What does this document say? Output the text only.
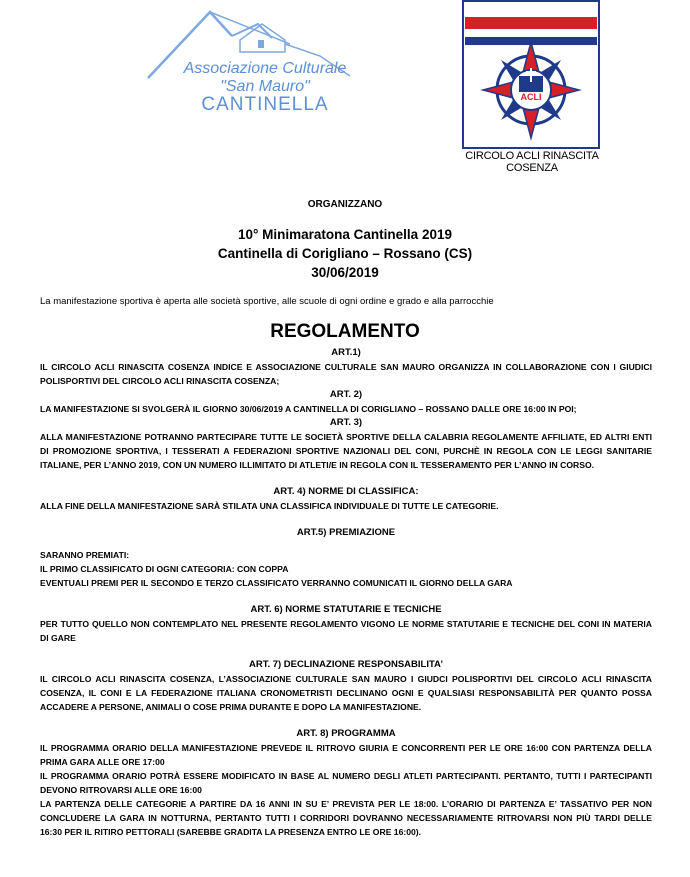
Associazione Culturale
"San Mauro"
CANTINELLA	ACLI
CIRCOLO ACLI RINASCITA COSENZA
ORGANIZZANO
10° Minimaratona Cantinella 2019
Cantinella di Corigliano – Rossano (CS)
30/06/2019
La manifestazione sportiva è aperta alle società sportive, alle scuole di ogni ordine e grado e alla parrocchie
REGOLAMENTO

ART.1)

IL CIRCOLO ACLI RINASCITA COSENZA INDICE E ASSOCIAZIONE CULTURALE SAN MAURO ORGANIZZA IN COLLABORAZIONE CON I GIUDICI POLISPORTIVI DEL CIRCOLO ACLI RINASCITA COSENZA;

ART. 2)

LA MANIFESTAZIONE SI SVOLGERÀ IL GIORNO 30/06/2019 A CANTINELLA DI CORIGLIANO – ROSSANO DALLE ORE 16:00 IN POI;

ART. 3)

ALLA MANIFESTAZIONE POTRANNO PARTECIPARE TUTTE LE SOCIETÀ SPORTIVE DELLA CALABRIA REGOLAMENTE AFFILIATE, ED ALTRI ENTI DI PROMOZIONE SPORTIVA, I TESSERATI A FEDERAZIONI SPORTIVE NAZIONALI DEL CONI, PURCHÈ IN REGOLA CON LE LEGGI SANITARIE ITALIANE, PER L’ANNO 2019, CON UN NUMERO ILLIMITATO DI ATLETI/E IN REGOLA CON IL TESSERAMENTO PER L’ANNO IN CORSO.

ART. 4) NORME DI CLASSIFICA:

ALLA FINE DELLA MANIFESTAZIONE SARÀ STILATA UNA CLASSIFICA INDIVIDUALE DI TUTTE LE CATEGORIE.

ART.5) PREMIAZIONE

SARANNO PREMIATI:

IL PRIMO CLASSIFICATO DI OGNI CATEGORIA: CON COPPA

EVENTUALI PREMI PER IL SECONDO E TERZO CLASSIFICATO VERRANNO COMUNICATI IL GIORNO DELLA GARA

ART. 6) NORME STATUTARIE E TECNICHE

PER TUTTO QUELLO NON CONTEMPLATO NEL PRESENTE REGOLAMENTO VIGONO LE NORME STATUTARIE E TECNICHE DEL CONI IN MATERIA DI GARE

ART. 7) DECLINAZIONE RESPONSABILITA’

IL CIRCOLO ACLI RINASCITA COSENZA, L’ASSOCIAZIONE CULTURALE SAN MAURO I GIUDCI POLISPORTIVI DEL CIRCOLO ACLI RINASCITA COSENZA, IL CONI E LA FEDERAZIONE ITALIANA CRONOMETRISTI DECLINANO OGNI E QUALSIASI RESPONSABILITÀ PER QUANTO POSSA ACCADERE A PERSONE, ANIMALI O COSE PRIMA DURANTE E DOPO LA MANIFESTAZIONE.

ART. 8) PROGRAMMA

IL PROGRAMMA ORARIO DELLA MANIFESTAZIONE PREVEDE IL RITROVO GIURIA E CONCORRENTI PER LE ORE 16:00 CON PARTENZA DELLA PRIMA GARA ALLE ORE 17:00

IL PROGRAMMA ORARIO POTRÀ ESSERE MODIFICATO IN BASE AL NUMERO DEGLI ATLETI PARTECIPANTI. PERTANTO, TUTTI I PARTECIPANTI DEVONO RITROVARSI ALLE ORE 16:00

LA PARTENZA DELLE CATEGORIE A PARTIRE DA 16 ANNI IN SU E’ PREVISTA PER LE 18:00. L’ORARIO DI PARTENZA E’ TASSATIVO PER NON CONCLUDERE LA GARA IN NOTTURNA, PERTANTO TUTTI I CORRIDORI DOVRANNO NECESSARIAMENTE RITROVARSI NON PIÙ TARDI DELLE 16:30 PER IL RITIRO PETTORALI (SAREBBE GRADITA LA PRESENZA ENTRO LE ORE 16:00).
